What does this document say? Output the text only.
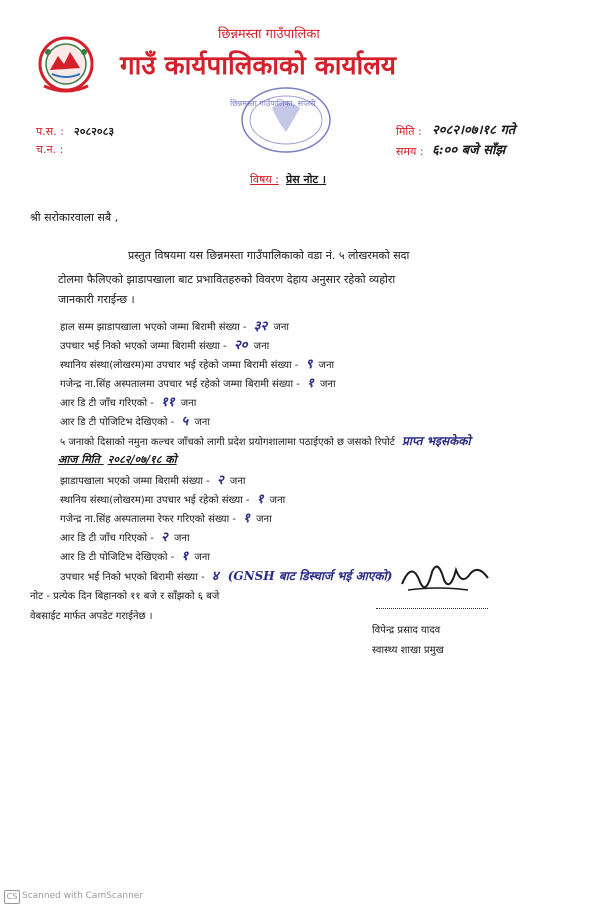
छिन्नमस्ता गाउँपालिका
गाउँ कार्यपालिकाको कार्यालय
छिन्नमस्ता गाउँपालिका, सप्तरी
प.स. : २०८२०८३
च.न. :
मिति : २०८२।०७।१८ गते
समय : ६:०० बजे साँझ
विषय : प्रेस नोट ।
श्री सरोकारवाला सबै ,
प्रस्तुत विषयमा यस छिन्नमस्ता गाउँपालिकाको वडा नं. ५ लोखरमको सदा
टोलमा फैलिएको झाडापखाला बाट प्रभावितहरुको विवरण देहाय अनुसार रहेको व्यहोरा
जानकारी गराईन्छ ।
हाल सम्म झाडापखाला भएको जम्मा बिरामी संख्या - ३२ जना
उपचार भई निको भएको जम्मा बिरामी संख्या - २० जना
स्थानिय संस्था(लोखरम)मा उपचार भई रहेको जम्मा बिरामी संख्या - ९ जना
गजेन्द्र ना.सिंह अस्पतालमा उपचार भई रहेको जम्मा बिरामी संख्या - १ जना
आर डि टी जाँच गरिएको - ११ जना
आर डि टी पोजिटिभ देखिएको - ५ जना
५ जनाको दिसाको नमुना कल्चर जाँचको लागी प्रदेश प्रयोगशालामा पठाईएको छ जसको रिपोर्ट प्राप्त भइसकेको
आज मिति २०८२/०७/१८ को
झाडापखाला भएको जम्मा बिरामी संख्या - २ जना
स्थानिय संस्था(लोखरम)मा उपचार भई रहेको संख्या - १ जना
गजेन्द्र ना.सिंह अस्पतालमा रेफर गरिएको संख्या - १ जना
आर डि टी जाँच गरिएको - २ जना
आर डि टी पोजिटिभ देखिएको - १ जना
उपचार भई निको भएको बिरामी संख्या - ४ (GNSH बाट डिस्चार्ज भई आएको)
नोट - प्रत्येक दिन बिहानको ११ बजे र साँझको ६ बजे
वेबसाईट मार्फत अपडेट गराईनेछ ।
विपेन्द्र प्रसाद यादव
स्वास्थ्य शाखा प्रमुख
CS Scanned with CamScanner
